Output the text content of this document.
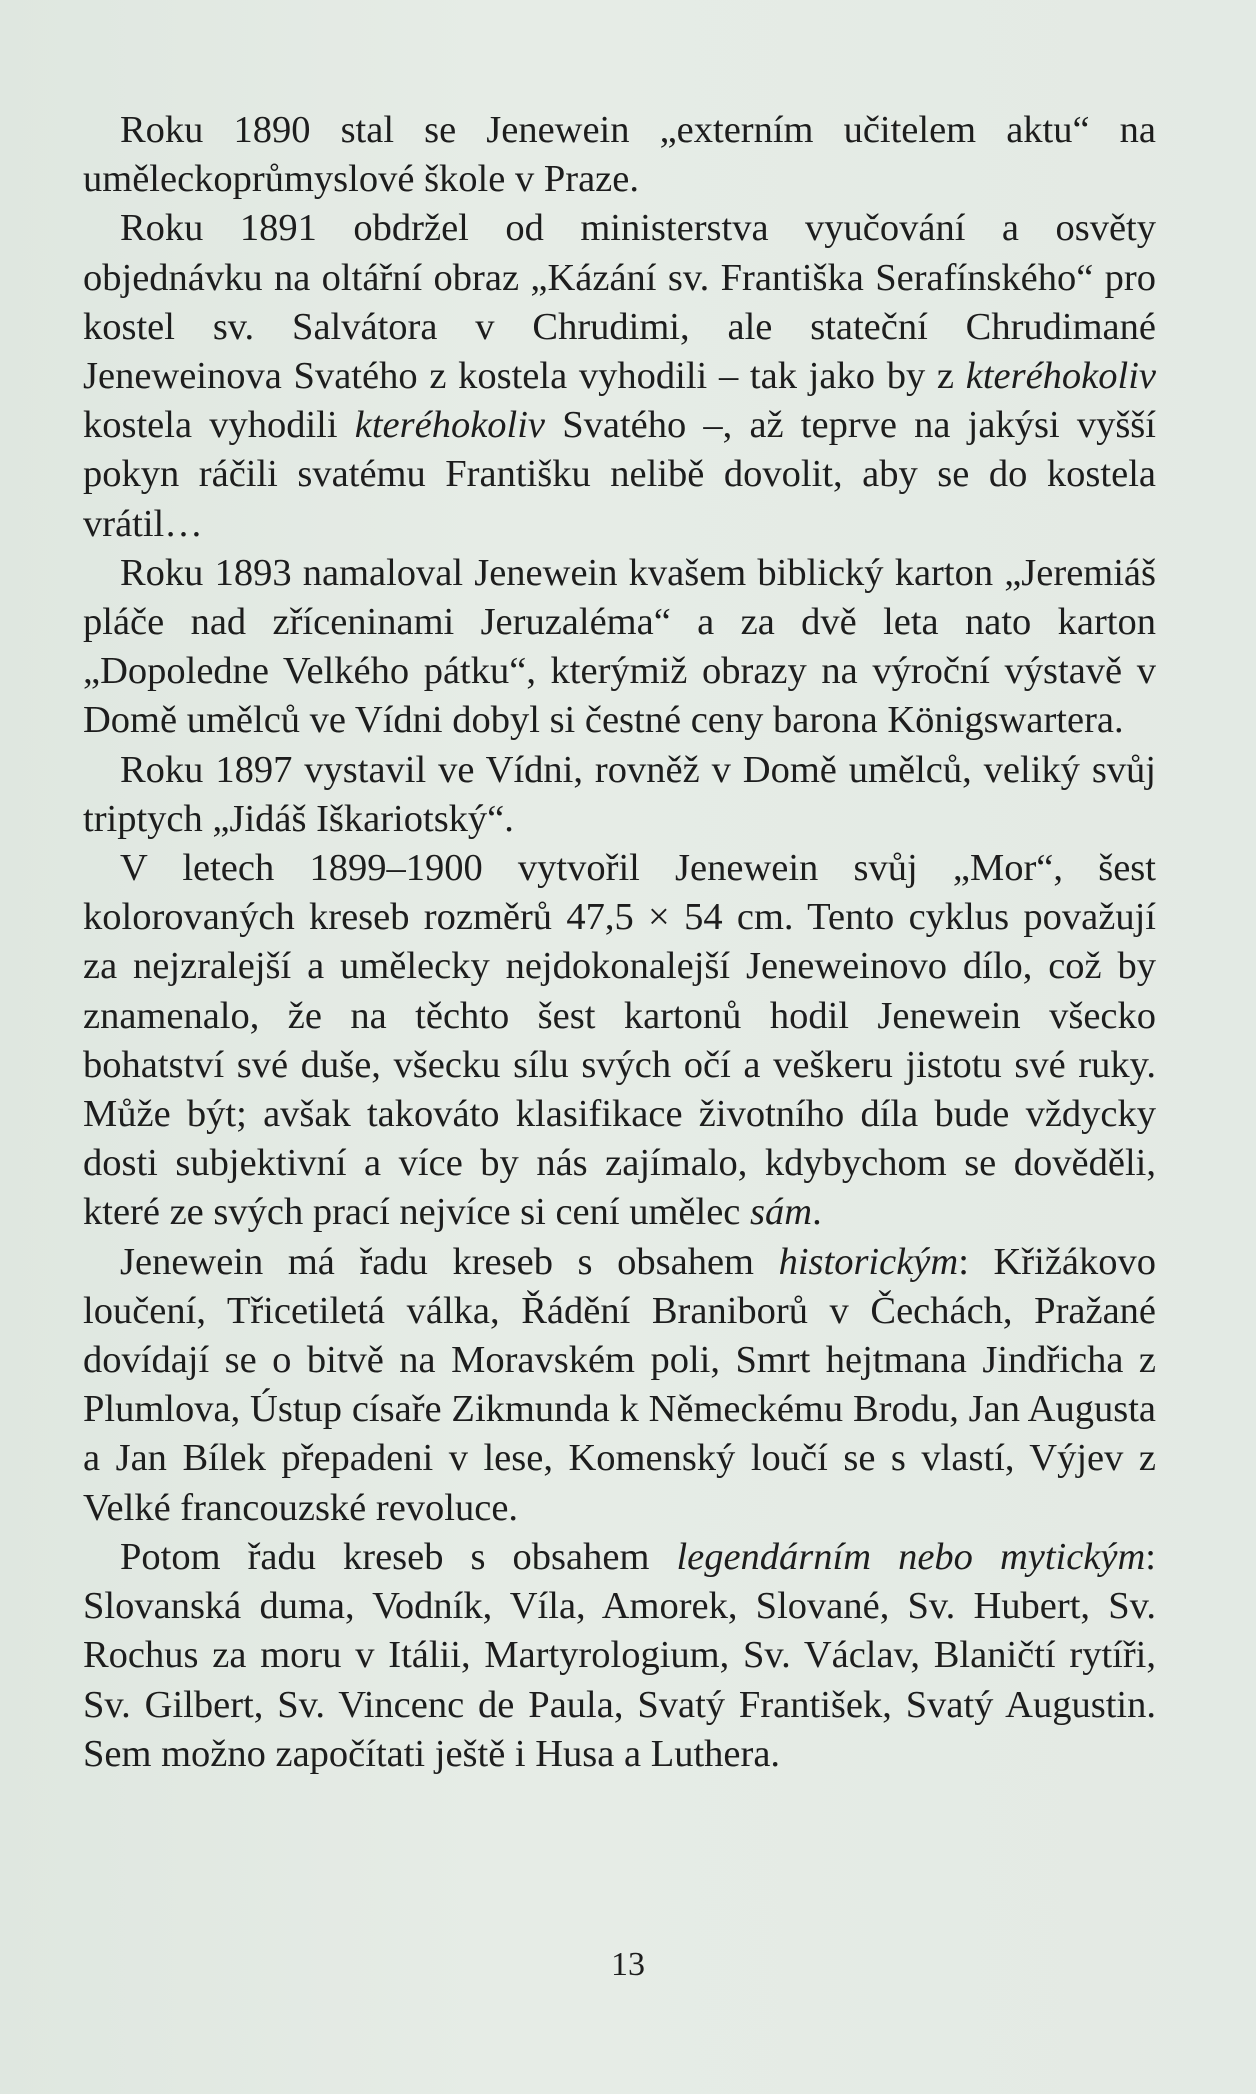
Roku 1890 stal se Jenewein „externím učitelem aktu“ na uměleckoprůmyslové škole v Praze.

Roku 1891 obdržel od ministerstva vyučování a osvěty objednávku na oltářní obraz „Kázání sv. Františka Serafínského“ pro kostel sv. Salvátora v Chrudimi, ale stateční Chrudimané Jeneweinova Svatého z kostela vyhodili – tak jako by z kteréhokoliv kostela vyhodili kteréhokoliv Svatého –, až teprve na jakýsi vyšší pokyn ráčili svatému Františku nelibě dovolit, aby se do kostela vrátil…

Roku 1893 namaloval Jenewein kvašem biblický karton „Jeremiáš pláče nad zříceninami Jeruzaléma“ a za dvě leta nato karton „Dopoledne Velkého pátku“, kterýmiž obrazy na výroční výstavě v Domě umělců ve Vídni dobyl si čestné ceny barona Königswartera.

Roku 1897 vystavil ve Vídni, rovněž v Domě umělců, veliký svůj triptych „Jidáš Iškariotský“.

V letech 1899–1900 vytvořil Jenewein svůj „Mor“, šest kolorovaných kreseb rozměrů 47,5 × 54 cm. Tento cyklus považují za nejzralejší a umělecky nejdokonalejší Jeneweinovo dílo, což by znamenalo, že na těchto šest kartonů hodil Jenewein všecko bohatství své duše, všecku sílu svých očí a veškeru jistotu své ruky. Může být; avšak takováto klasifikace životního díla bude vždycky dosti subjektivní a více by nás zajímalo, kdybychom se dověděli, které ze svých prací nejvíce si cení umělec sám.

Jenewein má řadu kreseb s obsahem historickým: Křižákovo loučení, Třicetiletá válka, Řádění Braniborů v Čechách, Pražané dovídají se o bitvě na Moravském poli, Smrt hejtmana Jindřicha z Plumlova, Ústup císaře Zikmunda k Německému Brodu, Jan Augusta a Jan Bílek přepadeni v lese, Komenský loučí se s vlastí, Výjev z Velké francouzské revoluce.

Potom řadu kreseb s obsahem legendárním nebo mytickým: Slovanská duma, Vodník, Víla, Amorek, Slované, Sv. Hubert, Sv. Rochus za moru v Itálii, Martyrologium, Sv. Václav, Blaničtí rytíři, Sv. Gilbert, Sv. Vincenc de Paula, Svatý František, Svatý Augustin. Sem možno započítati ještě i Husa a Luthera.

13
